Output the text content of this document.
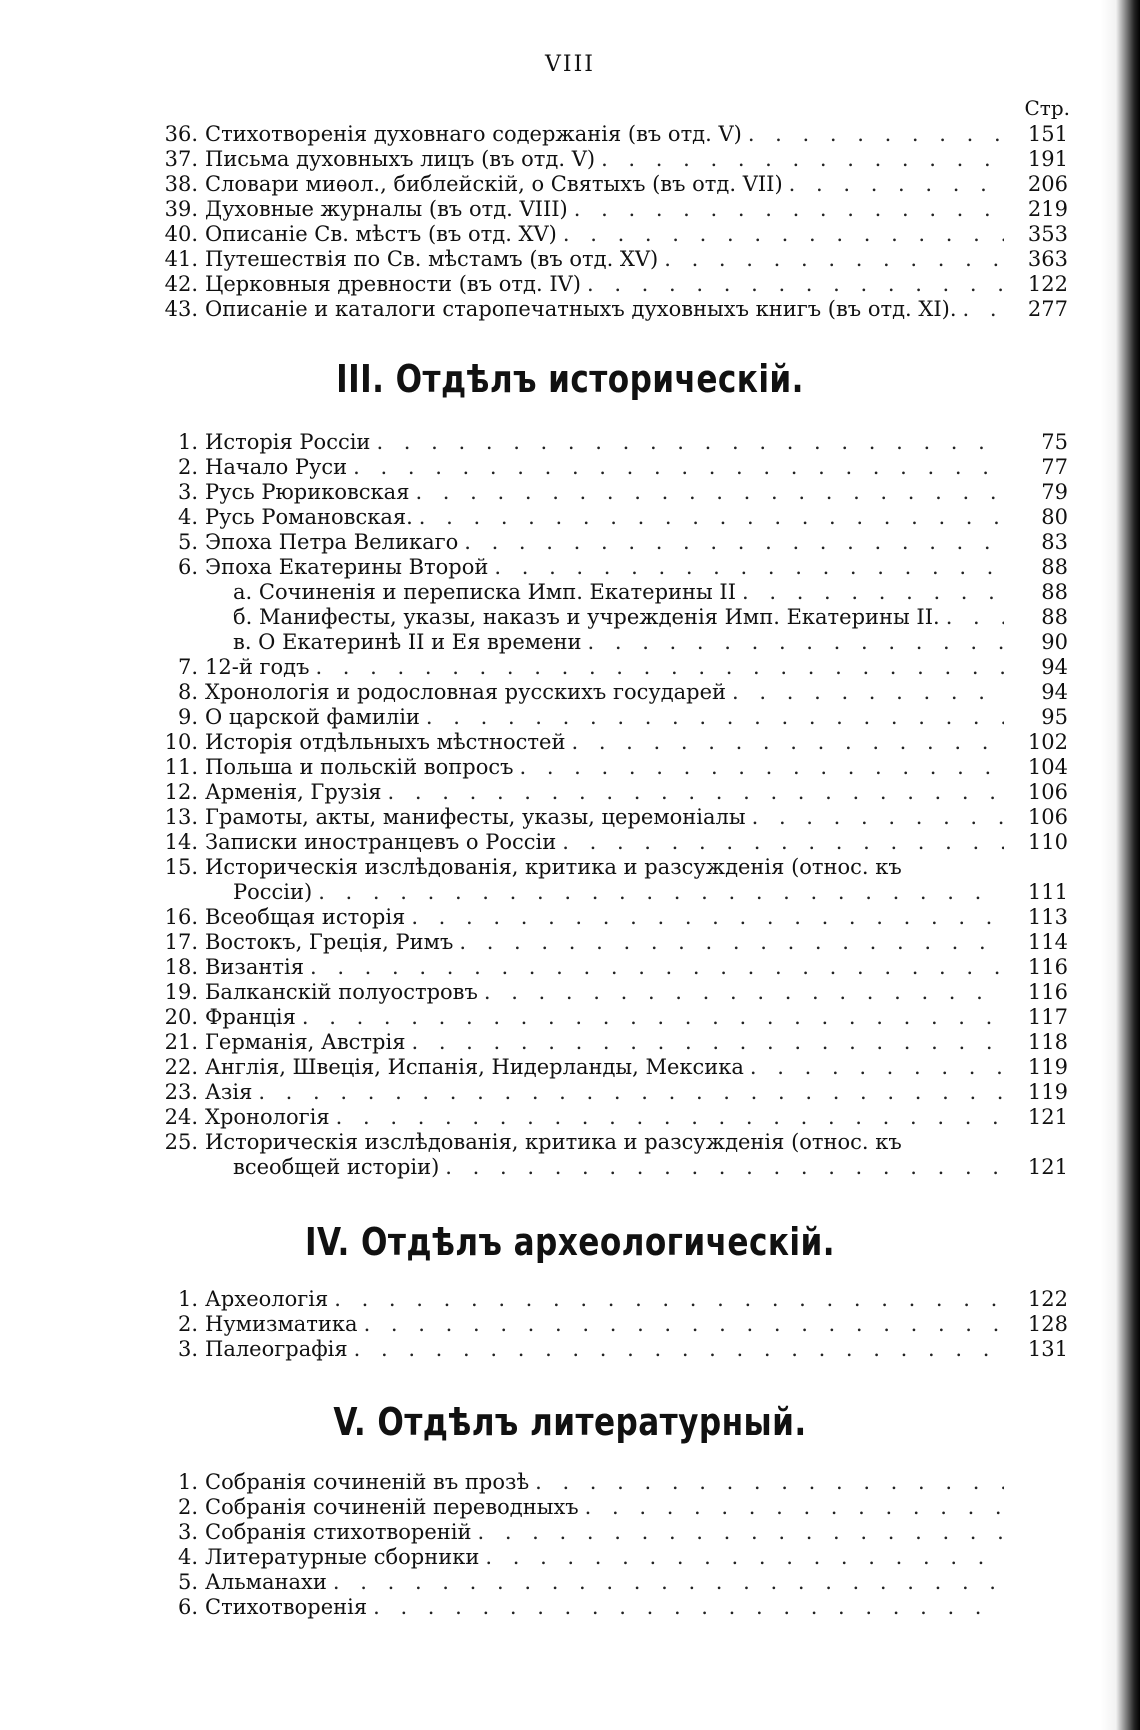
VIII
Стр.
36. Стихотворенія духовнаго содержанія (въ отд. V) . . .	151
37. Письма духовныхъ лицъ (въ отд. V) . . .	191
38. Словари миѳол., библейскій, о Святыхъ (въ отд. VII) . . .	206
39. Духовные журналы (въ отд. VIII) . . .	219
40. Описаніе Св. мѣстъ (въ отд. XV) . . .	353
41. Путешествія по Св. мѣстамъ (въ отд. XV) . . .	363
42. Церковныя древности (въ отд. IV) . . .	122
43. Описаніе и каталоги старопечатныхъ духовныхъ книгъ (въ отд. XI). . . .	277
III. Отдѣлъ историческій.
1. Исторія Россіи . . .	75
2. Начало Руси . . .	77
3. Русь Рюриковская . . .	79
4. Русь Романовская. . . .	80
5. Эпоха Петра Великаго . . .	83
6. Эпоха Екатерины Второй . . .	88
а. Сочиненія и переписка Имп. Екатерины II . . .	88
б. Манифесты, указы, наказъ и учрежденія Имп. Екатерины II. . . .	88
в. О Екатеринѣ II и Ея времени . . .	90
7. 12-й годъ . . .	94
8. Хронологія и родословная русскихъ государей . . .	94
9. О царской фамиліи . . .	95
10. Исторія отдѣльныхъ мѣстностей . . .	102
11. Польша и польскій вопросъ . . .	104
12. Арменія, Грузія . . .	106
13. Грамоты, акты, манифесты, указы, церемоніалы . . .	106
14. Записки иностранцевъ о Россіи . . .	110
15. Историческія изслѣдованія, критика и разсужденія (относ. къ
Россіи) . . .	111
16. Всеобщая исторія . . .	113
17. Востокъ, Греція, Римъ . . .	114
18. Византія . . .	116
19. Балканскій полуостровъ . . .	116
20. Франція . . .	117
21. Германія, Австрія . . .	118
22. Англія, Швеція, Испанія, Нидерланды, Мексика . . .	119
23. Азія . . .	119
24. Хронологія . . .	121
25. Историческія изслѣдованія, критика и разсужденія (относ. къ
всеобщей исторіи) . . .	121
IV. Отдѣлъ археологическій.
1. Археологія . . .	122
2. Нумизматика . . .	128
3. Палеографія . . .	131
V. Отдѣлъ литературный.
1. Собранія сочиненій въ прозѣ
. . .
2. Собранія сочиненій переводныхъ
. . .
3. Собранія стихотвореній
. . .
4. Литературные сборники
. . .
5. Альманахи
. . .
6. Стихотворенія
. . .
